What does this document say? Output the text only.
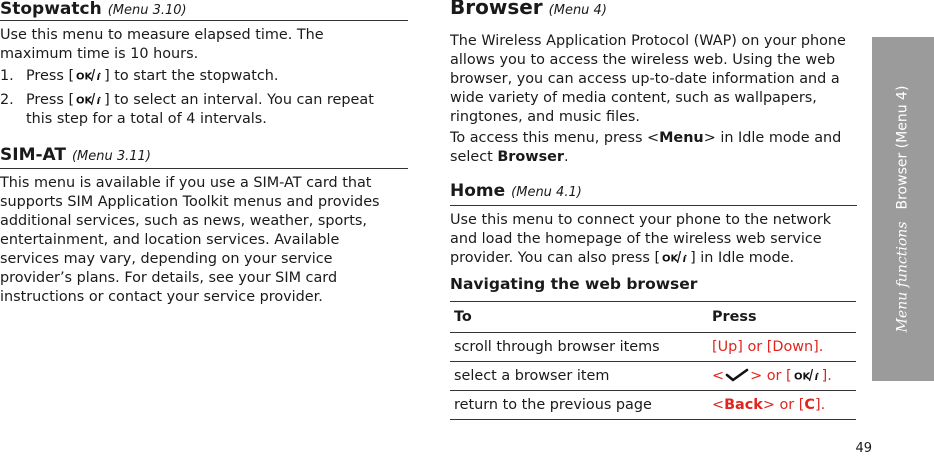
Stopwatch (Menu 3.10)

Use this menu to measure elapsed time. The maximum time is 10 hours.

1. Press [ ] to start the stopwatch.
2. Press [ ] to select an interval. You can repeat this step for a total of 4 intervals.
SIM-AT (Menu 3.11)

This menu is available if you use a SIM-AT card that supports SIM Application Toolkit menus and provides additional services, such as news, weather, sports, entertainment, and location services. Available services may vary, depending on your service provider’s plans. For details, see your SIM card instructions or contact your service provider.

Browser (Menu 4)

The Wireless Application Protocol (WAP) on your phone allows you to access the wireless web. Using the web browser, you can access up-to-date information and a wide variety of media content, such as wallpapers, ringtones, and music files.

To access this menu, press <Menu> in Idle mode and select Browser.

Home (Menu 4.1)

Use this menu to connect your phone to the network and load the homepage of the wireless web service provider. You can also press [ ] in Idle mode.

Navigating the web browser
To	Press
scroll through browser items	[Up] or [Down].
select a browser item	< > or [ ].
return to the previous page	<Back> or [C].
Menu functionsBrowser (Menu 4)
49
